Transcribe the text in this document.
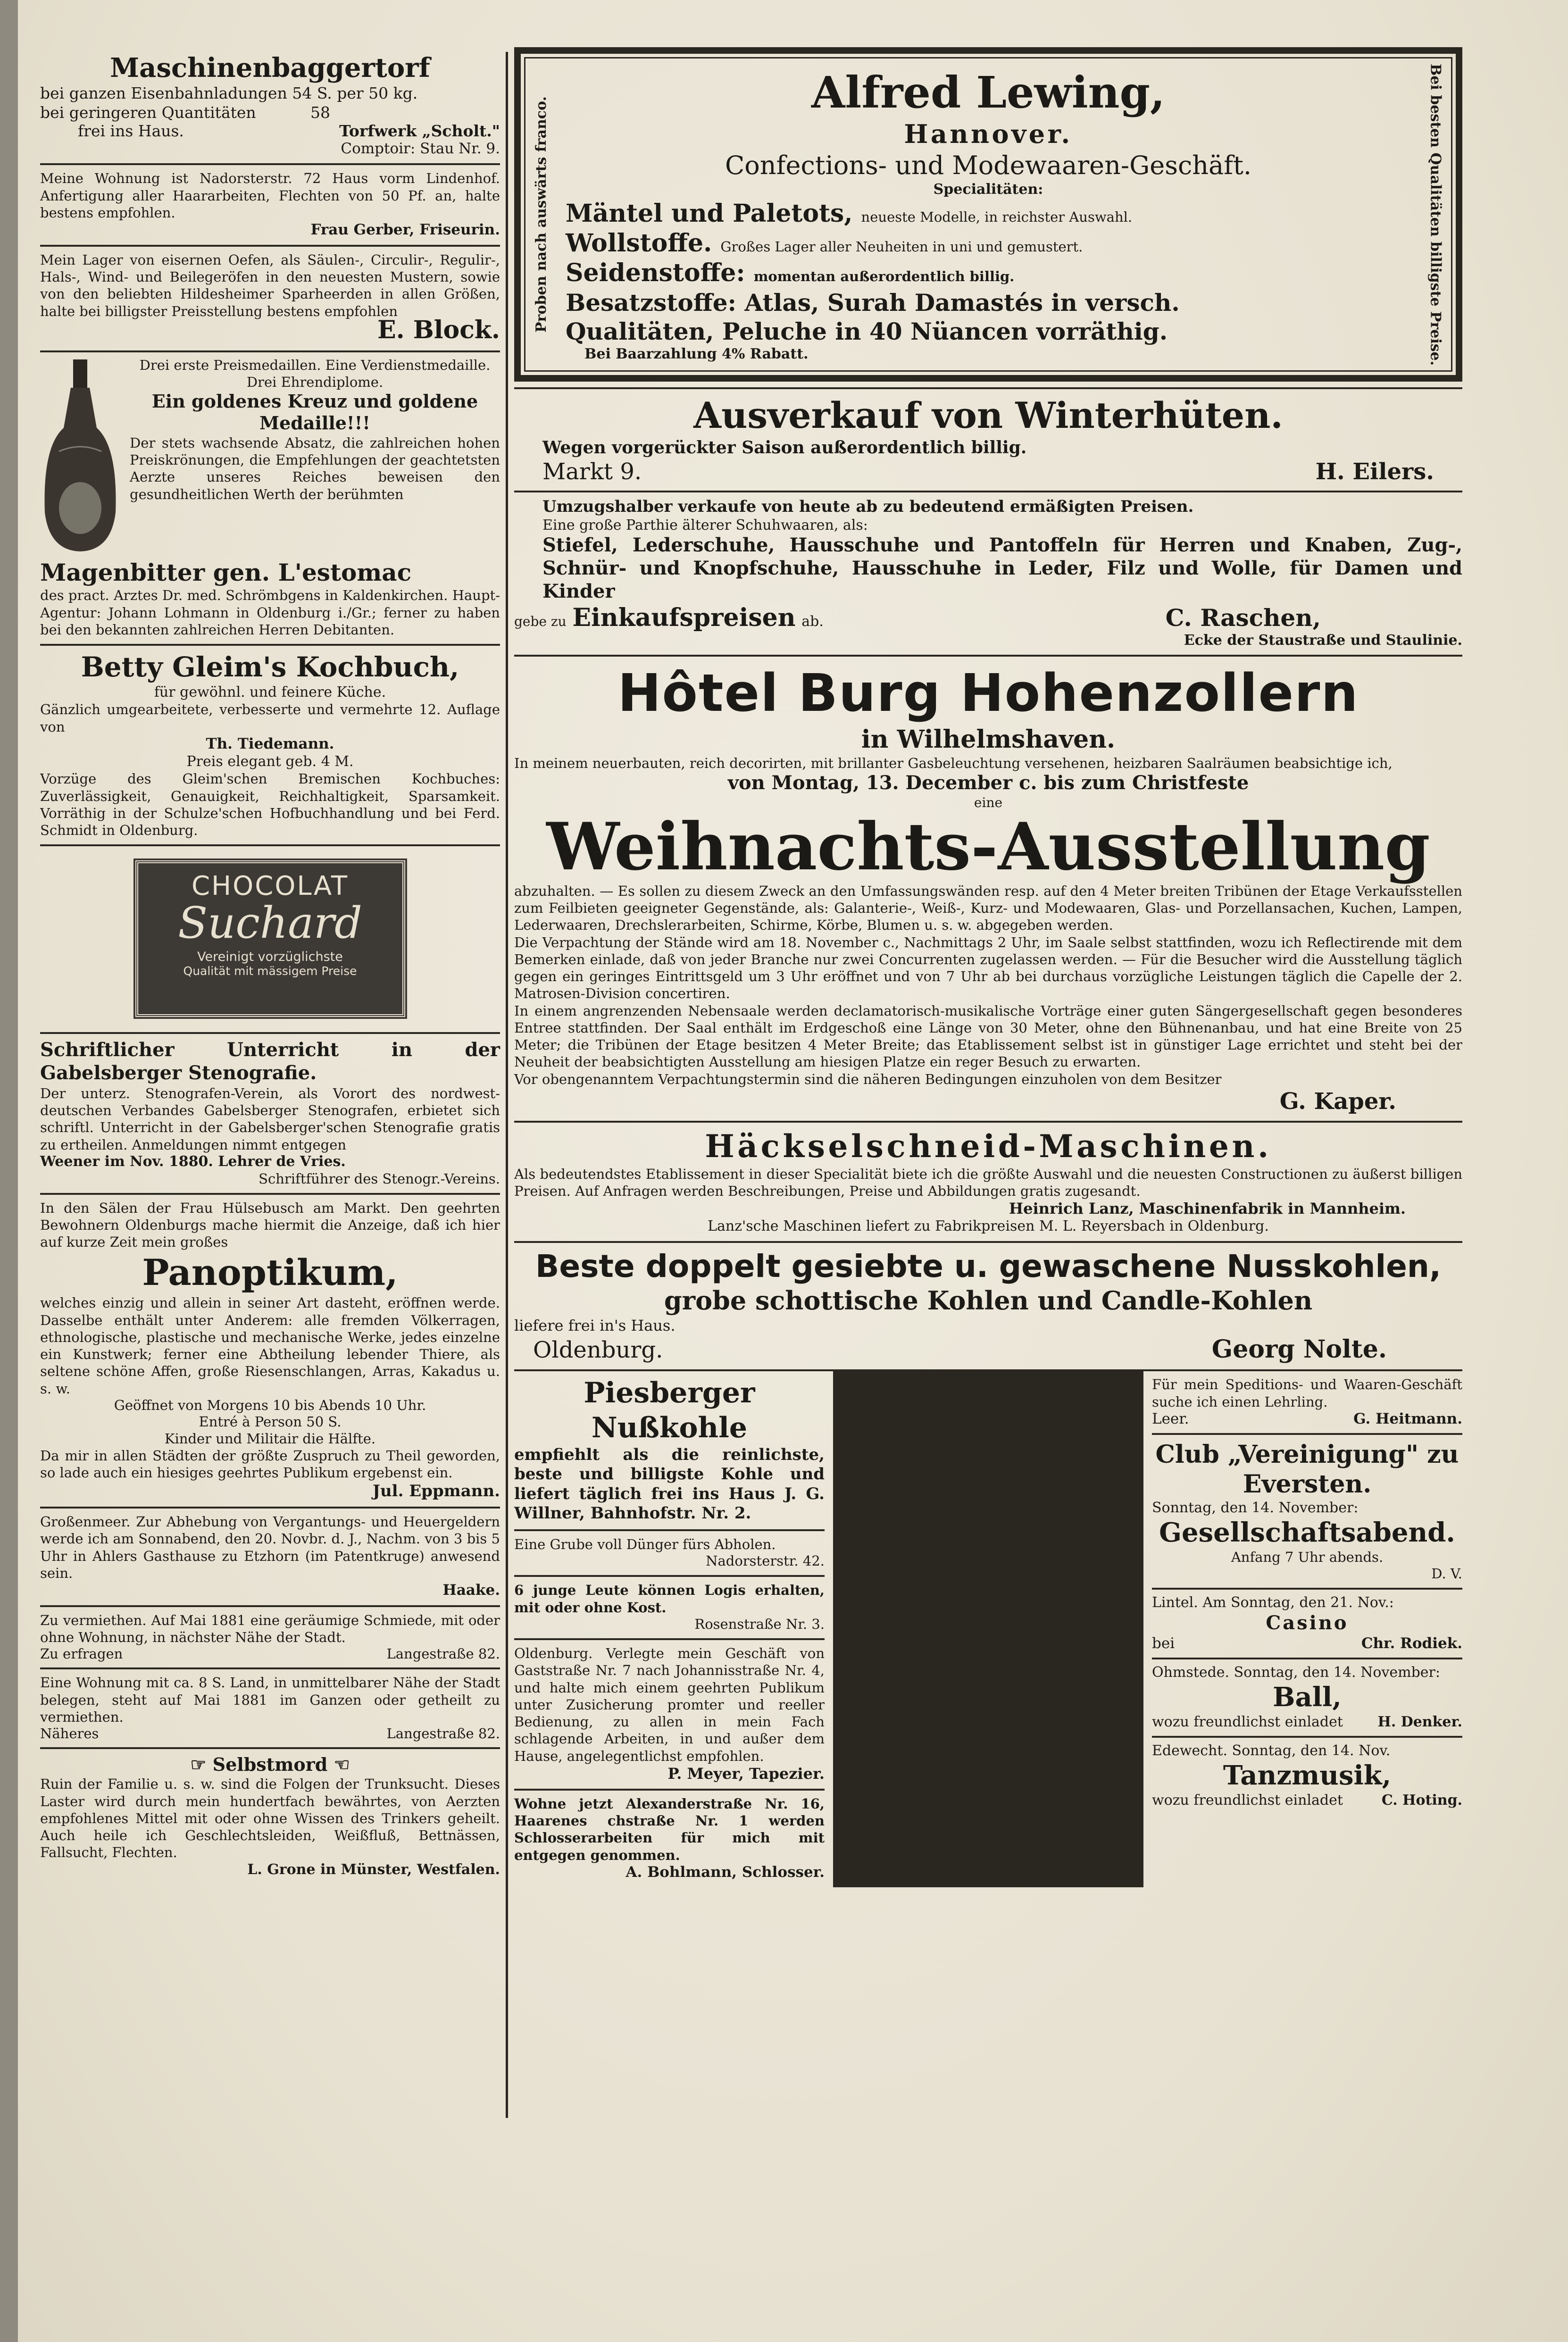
Maschinenbaggertorf

bei ganzen Eisenbahnladungen 54 S. per 50 kg.

bei geringeren Quantitäten	58
frei ins Haus.	Torfwerk „Scholt."

Comptoir: Stau Nr. 9.

Meine Wohnung ist Nadorsterstr. 72 Haus vorm Lindenhof. Anfertigung aller Haararbeiten, Flechten von 50 Pf. an, halte bestens empfohlen.

Frau Gerber, Friseurin.

Mein Lager von eisernen Oefen, als Säulen-, Circulir-, Regulir-, Hals-, Wind- und Beilegeröfen in den neuesten Mustern, sowie von den beliebten Hildesheimer Sparheerden in allen Größen, halte bei billigster Preisstellung bestens empfohlen

E. Block.

Drei erste Preismedaillen. Eine Verdienstmedaille. Drei Ehrendiplome.

Ein goldenes Kreuz und goldene Medaille!!!

Der stets wachsende Absatz, die zahlreichen hohen Preiskrönungen, die Empfehlungen der geachtetsten Aerzte unseres Reiches beweisen den gesundheitlichen Werth der berühmten

Magenbitter gen. L'estomac

des pract. Arztes Dr. med. Schrömbgens in Kaldenkirchen. Haupt-Agentur: Johann Lohmann in Oldenburg i./Gr.; ferner zu haben bei den bekannten zahlreichen Herren Debitanten.

Betty Gleim's Kochbuch,

für gewöhnl. und feinere Küche.

Gänzlich umgearbeitete, verbesserte und vermehrte 12. Auflage von

Th. Tiedemann.

Preis elegant geb. 4 M.

Vorzüge des Gleim'schen Bremischen Kochbuches: Zuverlässigkeit, Genauigkeit, Reichhaltigkeit, Sparsamkeit. Vorräthig in der Schulze'schen Hofbuchhandlung und bei Ferd. Schmidt in Oldenburg.

CHOCOLAT
Suchard
Vereinigt vorzüglichste
Qualität mit mässigem Preise

Schriftlicher Unterricht in der Gabelsberger Stenografie.

Der unterz. Stenografen-Verein, als Vorort des nordwest-deutschen Verbandes Gabelsberger Stenografen, erbietet sich schriftl. Unterricht in der Gabelsberger'schen Stenografie gratis zu ertheilen. Anmeldungen nimmt entgegen

Weener im Nov. 1880. Lehrer de Vries.

Schriftführer des Stenogr.-Vereins.

In den Sälen der Frau Hülsebusch am Markt. Den geehrten Bewohnern Oldenburgs mache hiermit die Anzeige, daß ich hier auf kurze Zeit mein großes

Panoptikum,

welches einzig und allein in seiner Art dasteht, eröffnen werde. Dasselbe enthält unter Anderem: alle fremden Völkerragen, ethnologische, plastische und mechanische Werke, jedes einzelne ein Kunstwerk; ferner eine Abtheilung lebender Thiere, als seltene schöne Affen, große Riesenschlangen, Arras, Kakadus u. s. w.

Geöffnet von Morgens 10 bis Abends 10 Uhr.

Entré à Person 50 S.

Kinder und Militair die Hälfte.

Da mir in allen Städten der größte Zuspruch zu Theil geworden, so lade auch ein hiesiges geehrtes Publikum ergebenst ein.

Jul. Eppmann.

Großenmeer. Zur Abhebung von Vergantungs- und Heuergeldern werde ich am Sonnabend, den 20. Novbr. d. J., Nachm. von 3 bis 5 Uhr in Ahlers Gasthause zu Etzhorn (im Patentkruge) anwesend sein.

Haake.

Zu vermiethen. Auf Mai 1881 eine geräumige Schmiede, mit oder ohne Wohnung, in nächster Nähe der Stadt.

Zu erfragen	Langestraße 82.

Eine Wohnung mit ca. 8 S. Land, in unmittelbarer Nähe der Stadt belegen, steht auf Mai 1881 im Ganzen oder getheilt zu vermiethen.

Näheres	Langestraße 82.

☞ Selbstmord ☜

Ruin der Familie u. s. w. sind die Folgen der Trunksucht. Dieses Laster wird durch mein hundertfach bewährtes, von Aerzten empfohlenes Mittel mit oder ohne Wissen des Trinkers geheilt. Auch heile ich Geschlechtsleiden, Weißfluß, Bettnässen, Fallsucht, Flechten.

L. Grone in Münster, Westfalen.

Proben nach auswärts franco.	Bei besten Qualitäten billigste Preise.

Alfred Lewing,

Hannover.

Confections- und Modewaaren-Geschäft.

Specialitäten:

Mäntel und Paletots, neueste Modelle, in reichster Auswahl.

Wollstoffe. Großes Lager aller Neuheiten in uni und gemustert.

Seidenstoffe: momentan außerordentlich billig.

Besatzstoffe: Atlas, Surah Damastés in versch.

Qualitäten, Peluche in 40 Nüancen vorräthig.

Bei Baarzahlung 4% Rabatt.

Ausverkauf von Winterhüten.

Wegen vorgerückter Saison außerordentlich billig.

Markt 9.	H. Eilers.

Umzugshalber verkaufe von heute ab zu bedeutend ermäßigten Preisen.

Eine große Parthie älterer Schuhwaaren, als:

Stiefel, Lederschuhe, Hausschuhe und Pantoffeln für Herren und Knaben, Zug-, Schnür- und Knopfschuhe, Hausschuhe in Leder, Filz und Wolle, für Damen und Kinder

gebe zu Einkaufspreisen ab.	C. Raschen,

Ecke der Staustraße und Staulinie.

Hôtel Burg Hohenzollern

in Wilhelmshaven.

In meinem neuerbauten, reich decorirten, mit brillanter Gasbeleuchtung versehenen, heizbaren Saalräumen beabsichtige ich,

von Montag, 13. December c. bis zum Christfeste

eine

Weihnachts-Ausstellung

abzuhalten. — Es sollen zu diesem Zweck an den Umfassungswänden resp. auf den 4 Meter breiten Tribünen der Etage Verkaufsstellen zum Feilbieten geeigneter Gegenstände, als: Galanterie-, Weiß-, Kurz- und Modewaaren, Glas- und Porzellansachen, Kuchen, Lampen, Lederwaaren, Drechslerarbeiten, Schirme, Körbe, Blumen u. s. w. abgegeben werden.

Die Verpachtung der Stände wird am 18. November c., Nachmittags 2 Uhr, im Saale selbst stattfinden, wozu ich Reflectirende mit dem Bemerken einlade, daß von jeder Branche nur zwei Concurrenten zugelassen werden. — Für die Besucher wird die Ausstellung täglich gegen ein geringes Eintrittsgeld um 3 Uhr eröffnet und von 7 Uhr ab bei durchaus vorzügliche Leistungen täglich die Capelle der 2. Matrosen-Division concertiren.

In einem angrenzenden Nebensaale werden declamatorisch-musikalische Vorträge einer guten Sängergesellschaft gegen besonderes Entree stattfinden. Der Saal enthält im Erdgeschoß eine Länge von 30 Meter, ohne den Bühnenanbau, und hat eine Breite von 25 Meter; die Tribünen der Etage besitzen 4 Meter Breite; das Etablissement selbst ist in günstiger Lage errichtet und steht bei der Neuheit der beabsichtigten Ausstellung am hiesigen Platze ein reger Besuch zu erwarten.

Vor obengenanntem Verpachtungstermin sind die näheren Bedingungen einzuholen von dem Besitzer

G. Kaper.

Häckselschneid-Maschinen.

Als bedeutendstes Etablissement in dieser Specialität biete ich die größte Auswahl und die neuesten Constructionen zu äußerst billigen Preisen. Auf Anfragen werden Beschreibungen, Preise und Abbildungen gratis zugesandt.

Heinrich Lanz, Maschinenfabrik in Mannheim.

Lanz'sche Maschinen liefert zu Fabrikpreisen M. L. Reyersbach in Oldenburg.

Beste doppelt gesiebte u. gewaschene Nusskohlen,

grobe schottische Kohlen und Candle-Kohlen

liefere frei in's Haus.

Oldenburg.	Georg Nolte.

Piesberger Nußkohle

empfiehlt als die reinlichste, beste und billigste Kohle und liefert täglich frei ins Haus J. G. Willner, Bahnhofstr. Nr. 2.

Eine Grube voll Dünger fürs Abholen.

Nadorsterstr. 42.

6 junge Leute können Logis erhalten, mit oder ohne Kost.

Rosenstraße Nr. 3.

Oldenburg. Verlegte mein Geschäft von Gaststraße Nr. 7 nach Johannisstraße Nr. 4, und halte mich einem geehrten Publikum unter Zusicherung promter und reeller Bedienung, zu allen in mein Fach schlagende Arbeiten, in und außer dem Hause, angelegentlichst empfohlen.

P. Meyer, Tapezier.

Wohne jetzt Alexanderstraße Nr. 16, Haarenes chstraße Nr. 1 werden Schlosserarbeiten für mich mit entgegen genommen.

A. Bohlmann, Schlosser.

Für mein Speditions- und Waaren-Geschäft suche ich einen Lehrling.

Leer.	G. Heitmann.

Club „Vereinigung" zu Eversten.

Sonntag, den 14. November:

Gesellschaftsabend.

Anfang 7 Uhr abends.

D. V.

Lintel. Am Sonntag, den 21. Nov.:

Casino

bei	Chr. Rodiek.

Ohmstede. Sonntag, den 14. November:

Ball,

wozu freundlichst einladet H. Denker.

Edewecht. Sonntag, den 14. Nov.

Tanzmusik,

wozu freundlichst einladet	C. Hoting.
